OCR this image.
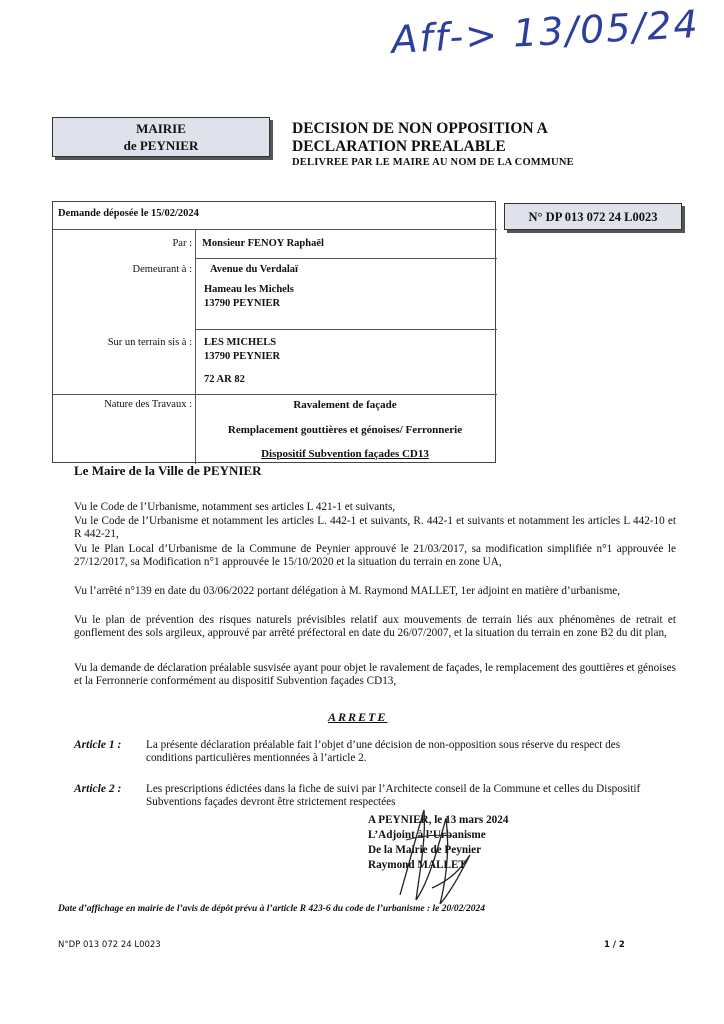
Aff-> 13/05/24
MAIRIE
de PEYNIER
DECISION DE NON OPPOSITION A
DECLARATION PREALABLE
DELIVREE PAR LE MAIRE AU NOM DE LA COMMUNE
N° DP 013 072 24 L0023
Demande déposée le 15/02/2024
Par : Monsieur FENOY Raphaël
Demeurant à : Avenue du Verdalaï
Hameau les Michels
13790 PEYNIER
Sur un terrain sis à : LES MICHELS
13790 PEYNIER
72 AR 82
Nature des Travaux :	Ravalement de façade
Remplacement gouttières et génoises/ Ferronnerie
Dispositif Subvention façades CD13
Le Maire de la Ville de PEYNIER
Vu le Code de l’Urbanisme, notamment ses articles L 421-1 et suivants,
Vu le Code de l’Urbanisme et notamment les articles L. 442-1 et suivants, R. 442-1 et suivants et notamment les articles L 442-10 et R 442-21,
Vu le Plan Local d’Urbanisme de la Commune de Peynier approuvé le 21/03/2017, sa modification simplifiée n°1 approuvée le 27/12/2017, sa Modification n°1 approuvée le 15/10/2020 et la situation du terrain en zone UA,
Vu l’arrêté n°139 en date du 03/06/2022 portant délégation à M. Raymond MALLET, 1er adjoint en matière d’urbanisme,
Vu le plan de prévention des risques naturels prévisibles relatif aux mouvements de terrain liés aux phénomènes de retrait et gonflement des sols argileux, approuvé par arrêté préfectoral en date du 26/07/2007, et la situation du terrain en zone B2 du dit plan,
Vu la demande de déclaration préalable susvisée ayant pour objet le ravalement de façades, le remplacement des gouttières et génoises et la Ferronnerie conformément au dispositif Subvention façades CD13,
ARRETE
Article 1 : La présente déclaration préalable fait l’objet d’une décision de non-opposition sous réserve du respect des conditions particulières mentionnées à l’article 2.
Article 2 : Les prescriptions édictées dans la fiche de suivi par l’Architecte conseil de la Commune et celles du Dispositif Subventions façades devront être strictement respectées
A PEYNIER, le 13 mars 2024
L’Adjoint à l’Urbanisme
De la Mairie de Peynier
Raymond MALLET
Date d’affichage en mairie de l’avis de dépôt prévu à l’article R 423-6 du code de l’urbanisme : le 20/02/2024
N°DP 013 072 24 L0023	1 / 2
